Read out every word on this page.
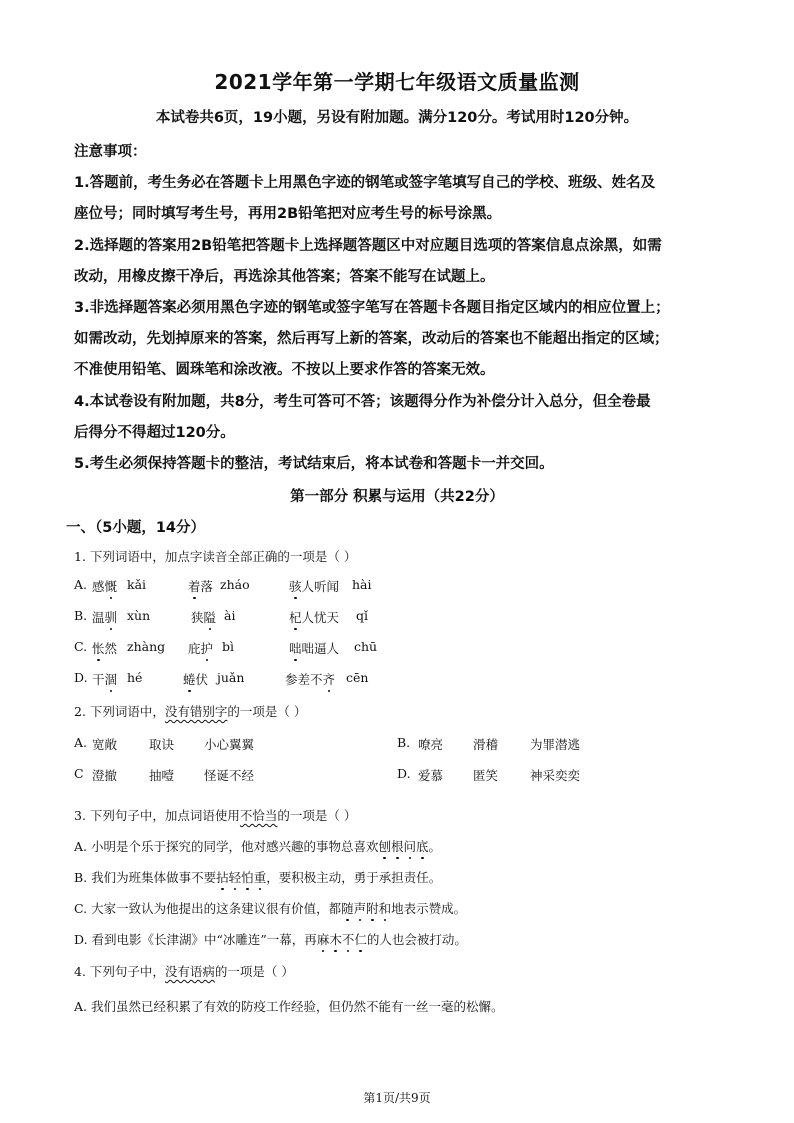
2021学年第一学期七年级语文质量监测
本试卷共6页，19小题，另设有附加题。满分120分。考试用时120分钟。
注意事项：
1.答题前，考生务必在答题卡上用黑色字迹的钢笔或签字笔填写自己的学校、班级、姓名及
座位号；同时填写考生号，再用2B铅笔把对应考生号的标号涂黑。
2.选择题的答案用2B铅笔把答题卡上选择题答题区中对应题目选项的答案信息点涂黑，如需
改动，用橡皮擦干净后，再选涂其他答案；答案不能写在试题上。
3.非选择题答案必须用黑色字迹的钢笔或签字笔写在答题卡各题目指定区域内的相应位置上；
如需改动，先划掉原来的答案，然后再写上新的答案，改动后的答案也不能超出指定的区域；
不准使用铅笔、圆珠笔和涂改液。不按以上要求作答的答案无效。
4.本试卷设有附加题，共8分，考生可答可不答；该题得分作为补偿分计入总分，但全卷最
后得分不得超过120分。
5.考生必须保持答题卡的整洁，考试结束后，将本试卷和答题卡一并交回。
第一部分 积累与运用（共22分）
一、（5小题，14分）
1. 下列词语中，加点字读音全部正确的一项是（ ）
A. 感慨 kǎi	着落 zháo	骇人听闻 hài
B. 温驯 xùn	狭隘 ài	杞人忧天 qǐ
C. 怅然 zhàng 庇护 bì	咄咄逼人 chū
D. 干涸 hé	蜷伏 juǎn	参差不齐 cēn
2. 下列词语中，没有错别字的一项是（ ）
A. 宽敞	取诀 小心翼翼	B. 嘹亮 滑稽	为罪潜逃
C 澄撤	抽噎 怪诞不经	D. 爱慕 匿笑	神采奕奕
3. 下列句子中，加点词语使用不恰当的一项是（ ）
A. 小明是个乐于探究的同学，他对感兴趣的事物总喜欢刨根问底。
B. 我们为班集体做事不要拈轻怕重，要积极主动，勇于承担责任。
C. 大家一致认为他提出的这条建议很有价值，都随声附和地表示赞成。
D. 看到电影《长津湖》中“冰雕连”一幕，再麻木不仁的人也会被打动。
4. 下列句子中，没有语病的一项是（ ）
A. 我们虽然已经积累了有效的防疫工作经验，但仍然不能有一丝一毫的松懈。
第1页/共9页
